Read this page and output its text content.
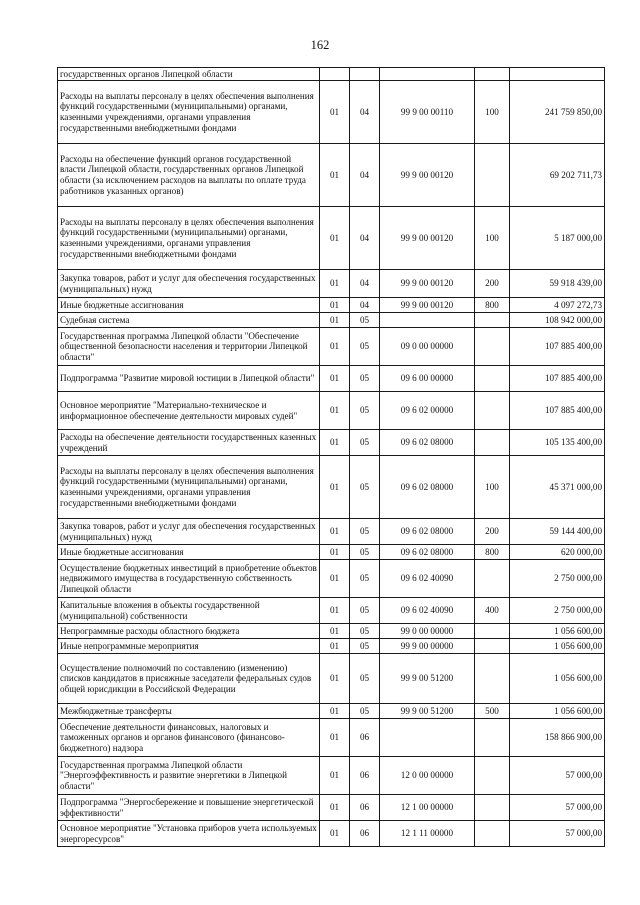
162
государственных органов Липецкой области					
Расходы на выплаты персоналу в целях обеспечения выполнения функций государственными (муниципальными) органами, казенными учреждениями, органами управления государственными внебюджетными фондами	01	04	99 9 00 00110	100	241 759 850,00
Расходы на обеспечение функций органов государственной власти Липецкой области, государственных органов Липецкой области (за исключением расходов на выплаты по оплате труда работников указанных органов)	01	04	99 9 00 00120		69 202 711,73
Расходы на выплаты персоналу в целях обеспечения выполнения функций государственными (муниципальными) органами, казенными учреждениями, органами управления государственными внебюджетными фондами	01	04	99 9 00 00120	100	5 187 000,00
Закупка товаров, работ и услуг для обеспечения государственных (муниципальных) нужд	01	04	99 9 00 00120	200	59 918 439,00
Иные бюджетные ассигнования	01	04	99 9 00 00120	800	4 097 272,73
Судебная система	01	05			108 942 000,00
Государственная программа Липецкой области "Обеспечение общественной безопасности населения и территории Липецкой области"	01	05	09 0 00 00000		107 885 400,00
Подпрограмма "Развитие мировой юстиции в Липецкой области"	01	05	09 6 00 00000		107 885 400,00
Основное мероприятие "Материально-техническое и информационное обеспечение деятельности мировых судей"	01	05	09 6 02 00000		107 885 400,00
Расходы на обеспечение деятельности государственных казенных учреждений	01	05	09 6 02 08000		105 135 400,00
Расходы на выплаты персоналу в целях обеспечения выполнения функций государственными (муниципальными) органами, казенными учреждениями, органами управления государственными внебюджетными фондами	01	05	09 6 02 08000	100	45 371 000,00
Закупка товаров, работ и услуг для обеспечения государственных (муниципальных) нужд	01	05	09 6 02 08000	200	59 144 400,00
Иные бюджетные ассигнования	01	05	09 6 02 08000	800	620 000,00
Осуществление бюджетных инвестиций в приобретение объектов недвижимого имущества в государственную собственность Липецкой области	01	05	09 6 02 40090		2 750 000,00
Капитальные вложения в объекты государственной (муниципальной) собственности	01	05	09 6 02 40090	400	2 750 000,00
Непрограммные расходы областного бюджета	01	05	99 0 00 00000		1 056 600,00
Иные непрограммные мероприятия	01	05	99 9 00 00000		1 056 600,00
Осуществление полномочий по составлению (изменению) списков кандидатов в присяжные заседатели федеральных судов общей юрисдикции в Российской Федерации	01	05	99 9 00 51200		1 056 600,00
Межбюджетные трансферты	01	05	99 9 00 51200	500	1 056 600,00
Обеспечение деятельности финансовых, налоговых и таможенных органов и органов финансового (финансово-бюджетного) надзора	01	06			158 866 900,00
Государственная программа Липецкой области "Энергоэффективность и развитие энергетики в Липецкой области"	01	06	12 0 00 00000		57 000,00
Подпрограмма "Энергосбережение и повышение энергетической эффективности"	01	06	12 1 00 00000		57 000,00
Основное мероприятие "Установка приборов учета используемых энергоресурсов"	01	06	12 1 11 00000		57 000,00
